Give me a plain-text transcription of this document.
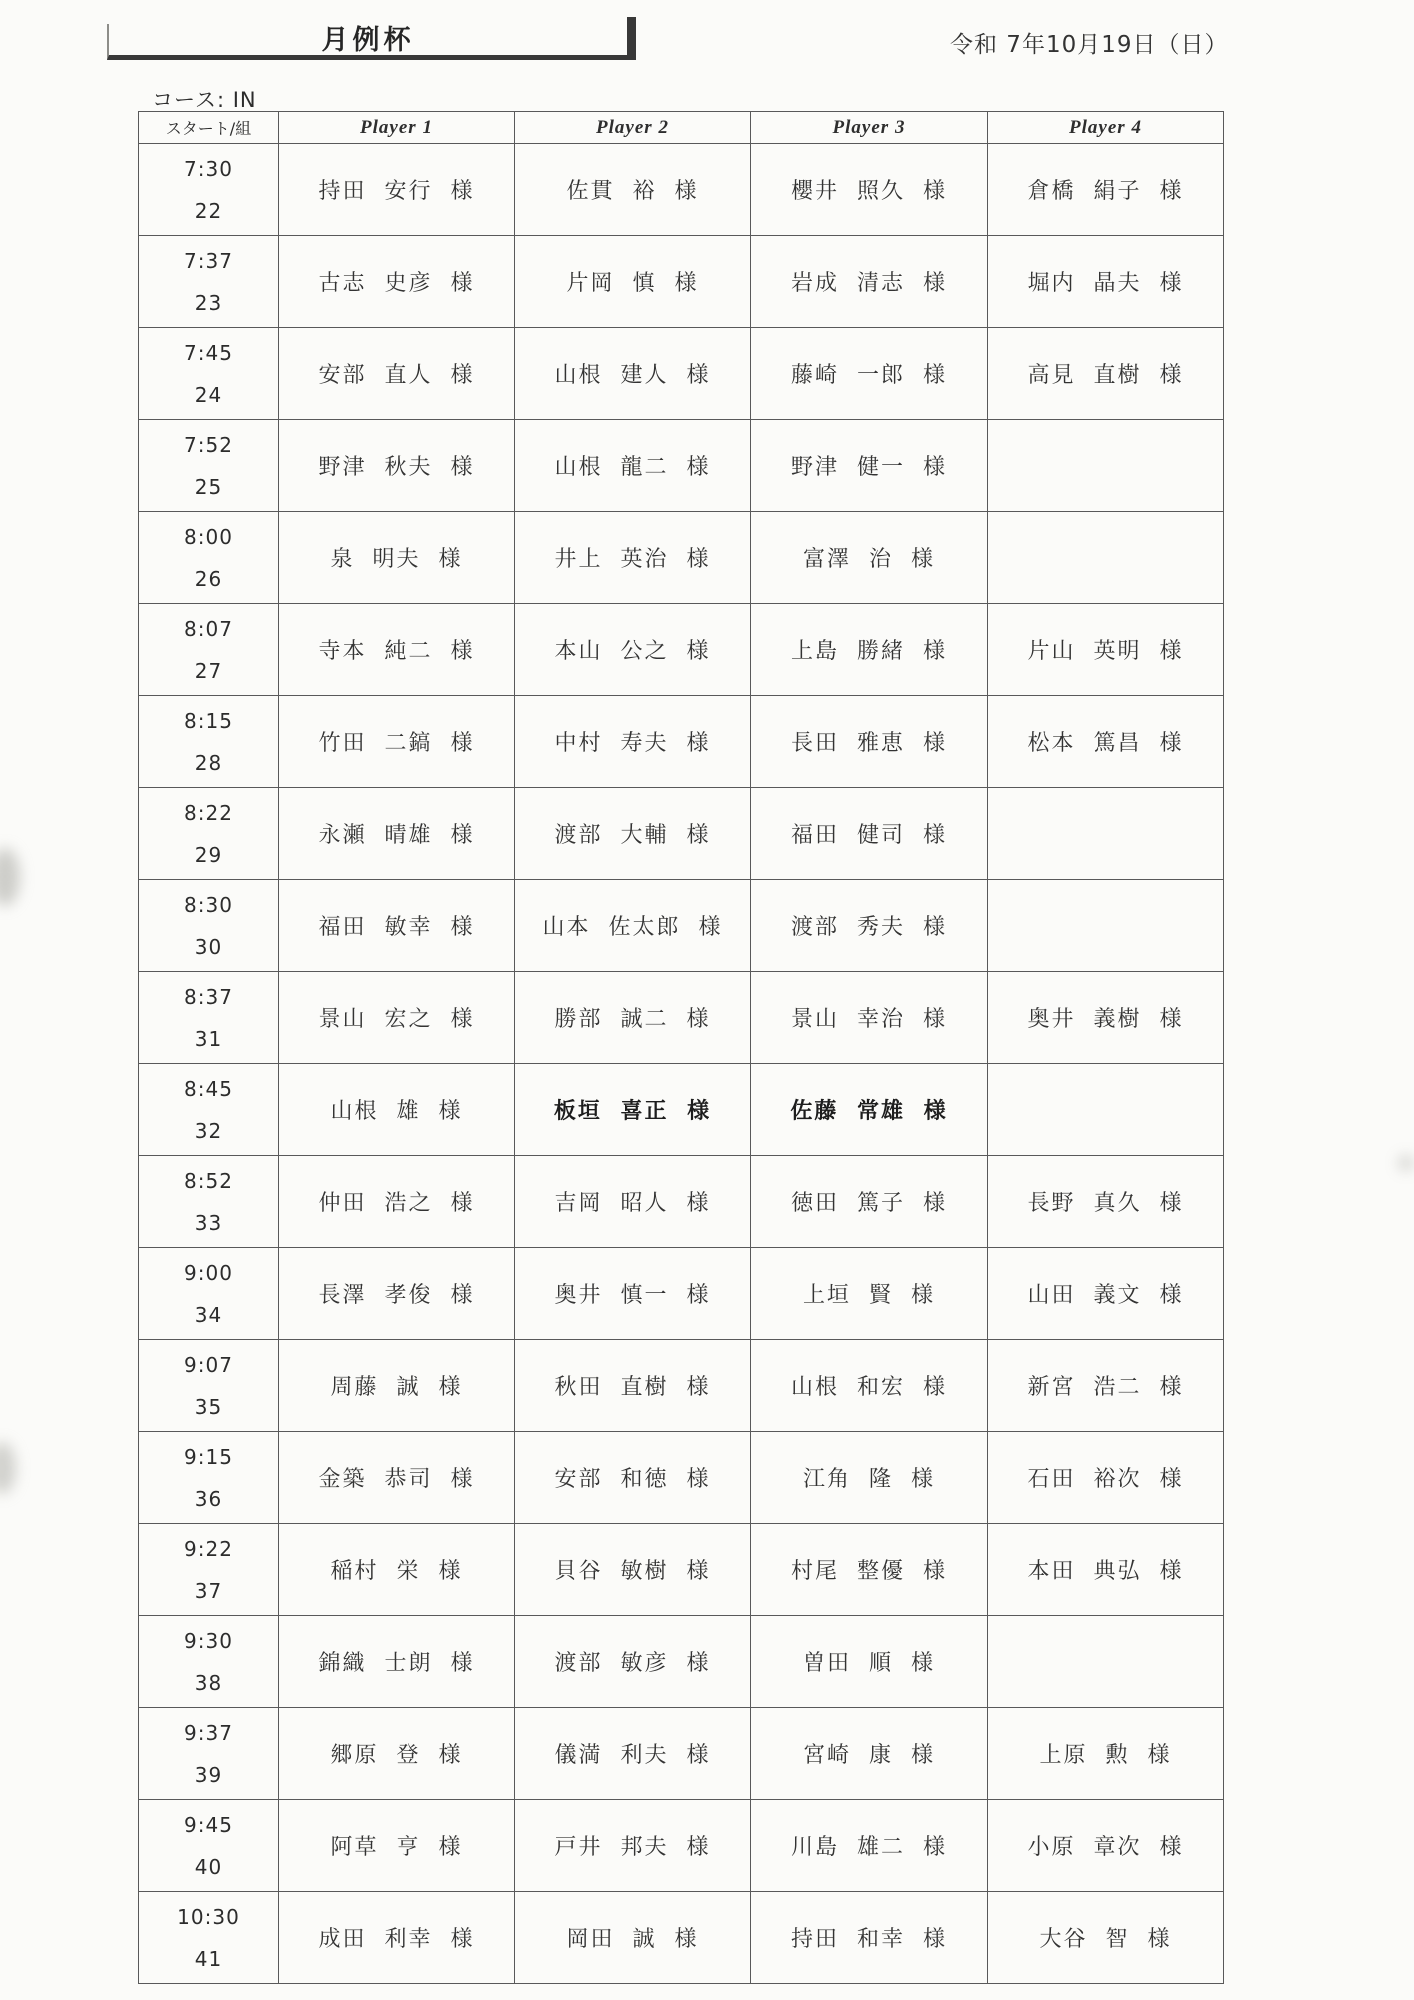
月例杯	令和 7年10月19日（日）
コース: IN
スタート/組	Player 1	Player 2	Player 3	Player 4

7:30
22	持田 安行 様	佐貫 裕 様	櫻井 照久 様	倉橋 絹子 様

7:37
23	古志 史彦 様	片岡 慎 様	岩成 清志 様	堀内 晶夫 様

7:45
24	安部 直人 様	山根 建人 様	藤崎 一郎 様	高見 直樹 様

7:52
25	野津 秋夫 様	山根 龍二 様	野津 健一 様	

8:00
26	泉 明夫 様	井上 英治 様	富澤 治 様	

8:07
27	寺本 純二 様	本山 公之 様	上島 勝緒 様	片山 英明 様

8:15
28	竹田 二鎬 様	中村 寿夫 様	長田 雅恵 様	松本 篤昌 様

8:22
29	永瀬 晴雄 様	渡部 大輔 様	福田 健司 様	

8:30
30	福田 敏幸 様	山本 佐太郎 様	渡部 秀夫 様	

8:37
31	景山 宏之 様	勝部 誠二 様	景山 幸治 様	奥井 義樹 様

8:45
32	山根 雄 様	板垣 喜正 様	佐藤 常雄 様	

8:52
33	仲田 浩之 様	吉岡 昭人 様	徳田 篤子 様	長野 真久 様

9:00
34	長澤 孝俊 様	奥井 慎一 様	上垣 賢 様	山田 義文 様

9:07
35	周藤 誠 様	秋田 直樹 様	山根 和宏 様	新宮 浩二 様

9:15
36	金築 恭司 様	安部 和徳 様	江角 隆 様	石田 裕次 様

9:22
37	稲村 栄 様	貝谷 敏樹 様	村尾 整優 様	本田 典弘 様

9:30
38	錦織 士朗 様	渡部 敏彦 様	曽田 順 様	

9:37
39	郷原 登 様	儀満 利夫 様	宮崎 康 様	上原 勲 様

9:45
40	阿草 亨 様	戸井 邦夫 様	川島 雄二 様	小原 章次 様

10:30
41	成田 利幸 様	岡田 誠 様	持田 和幸 様	大谷 智 様
